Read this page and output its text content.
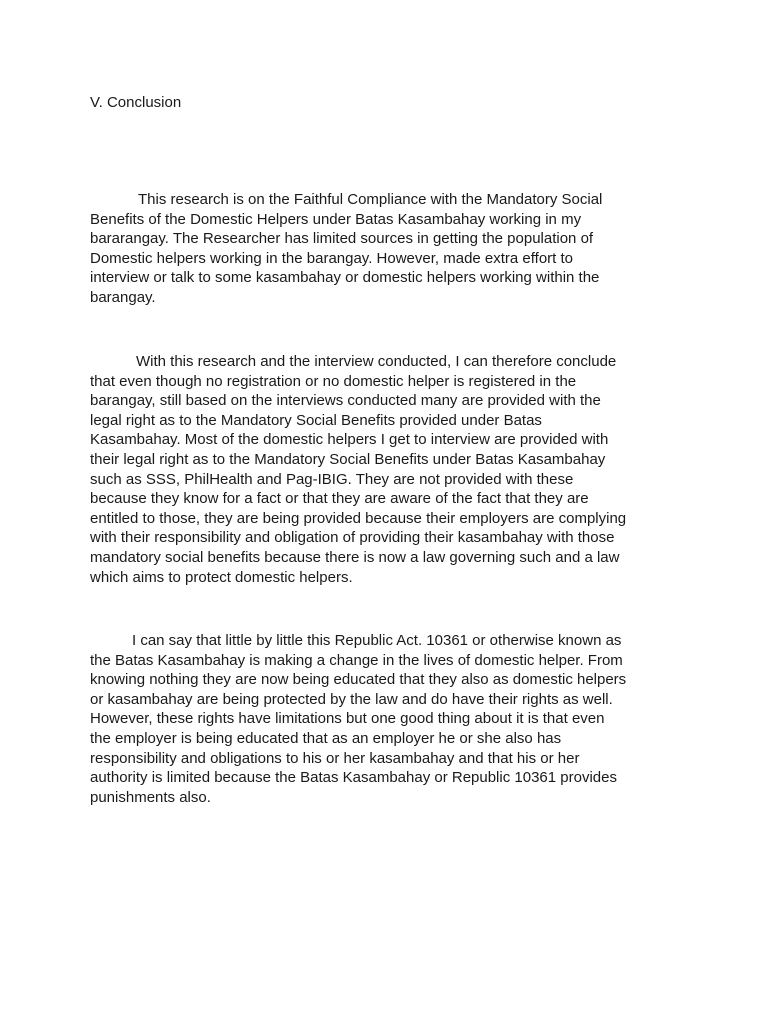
V. Conclusion
This research is on the Faithful Compliance with the Mandatory Social
Benefits of the Domestic Helpers under Batas Kasambahay working in my
bararangay. The Researcher has limited sources in getting the population of
Domestic helpers working in the barangay. However, made extra effort to
interview or talk to some kasambahay or domestic helpers working within the
barangay.
With this research and the interview conducted, I can therefore conclude
that even though no registration or no domestic helper is registered in the
barangay, still based on the interviews conducted many are provided with the
legal right as to the Mandatory Social Benefits provided under Batas
Kasambahay. Most of the domestic helpers I get to interview are provided with
their legal right as to the Mandatory Social Benefits under Batas Kasambahay
such as SSS, PhilHealth and Pag-IBIG. They are not provided with these
because they know for a fact or that they are aware of the fact that they are
entitled to those, they are being provided because their employers are complying
with their responsibility and obligation of providing their kasambahay with those
mandatory social benefits because there is now a law governing such and a law
which aims to protect domestic helpers.
I can say that little by little this Republic Act. 10361 or otherwise known as
the Batas Kasambahay is making a change in the lives of domestic helper. From
knowing nothing they are now being educated that they also as domestic helpers
or kasambahay are being protected by the law and do have their rights as well.
However, these rights have limitations but one good thing about it is that even
the employer is being educated that as an employer he or she also has
responsibility and obligations to his or her kasambahay and that his or her
authority is limited because the Batas Kasambahay or Republic 10361 provides
punishments also.
